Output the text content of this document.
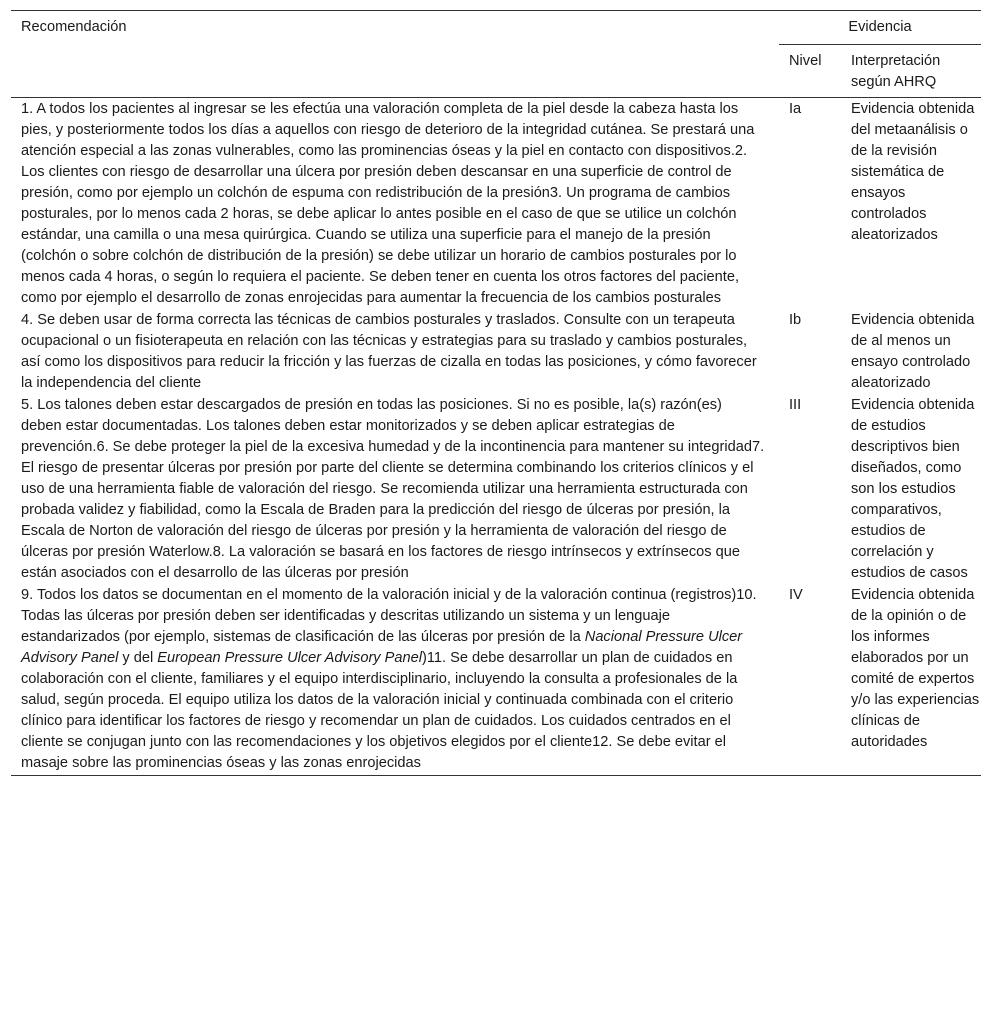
Recomendación	Evidencia	
	Nivel	Interpretación según AHRQ
1. A todos los pacientes al ingresar se les efectúa una valoración completa de la piel desde la cabeza hasta los pies, y posteriormente todos los días a aquellos con riesgo de deterioro de la integridad cutánea. Se prestará una atención especial a las zonas vulnerables, como las prominencias óseas y la piel en contacto con dispositivos.2. Los clientes con riesgo de desarrollar una úlcera por presión deben descansar en una superficie de control de presión, como por ejemplo un colchón de espuma con redistribución de la presión3. Un programa de cambios posturales, por lo menos cada 2 horas, se debe aplicar lo antes posible en el caso de que se utilice un colchón estándar, una camilla o una mesa quirúrgica. Cuando se utiliza una superficie para el manejo de la presión (colchón o sobre colchón de distribución de la presión) se debe utilizar un horario de cambios posturales por lo menos cada 4 horas, o según lo requiera el paciente. Se deben tener en cuenta los otros factores del paciente, como por ejemplo el desarrollo de zonas enrojecidas para aumentar la frecuencia de los cambios posturales	Ia	Evidencia obtenida del metaanálisis o de la revisión sistemática de ensayos controlados aleatorizados
4. Se deben usar de forma correcta las técnicas de cambios posturales y traslados. Consulte con un terapeuta ocupacional o un fisioterapeuta en relación con las técnicas y estrategias para su traslado y cambios posturales, así como los dispositivos para reducir la fricción y las fuerzas de cizalla en todas las posiciones, y cómo favorecer la independencia del cliente	Ib	Evidencia obtenida de al menos un ensayo controlado aleatorizado
5. Los talones deben estar descargados de presión en todas las posiciones. Si no es posible, la(s) razón(es) deben estar documentadas. Los talones deben estar monitorizados y se deben aplicar estrategias de prevención.6. Se debe proteger la piel de la excesiva humedad y de la incontinencia para mantener su integridad7. El riesgo de presentar úlceras por presión por parte del cliente se determina combinando los criterios clínicos y el uso de una herramienta fiable de valoración del riesgo. Se recomienda utilizar una herramienta estructurada con probada validez y fiabilidad, como la Escala de Braden para la predicción del riesgo de úlceras por presión, la Escala de Norton de valoración del riesgo de úlceras por presión y la herramienta de valoración del riesgo de úlceras por presión Waterlow.8. La valoración se basará en los factores de riesgo intrínsecos y extrínsecos que están asociados con el desarrollo de las úlceras por presión	III	Evidencia obtenida de estudios descriptivos bien diseñados, como son los estudios comparativos, estudios de correlación y estudios de casos
9. Todos los datos se documentan en el momento de la valoración inicial y de la valoración continua (registros)10. Todas las úlceras por presión deben ser identificadas y descritas utilizando un sistema y un lenguaje estandarizados (por ejemplo, sistemas de clasificación de las úlceras por presión de la Nacional Pressure Ulcer Advisory Panel y del European Pressure Ulcer Advisory Panel)11. Se debe desarrollar un plan de cuidados en colaboración con el cliente, familiares y el equipo interdisciplinario, incluyendo la consulta a profesionales de la salud, según proceda. El equipo utiliza los datos de la valoración inicial y continuada combinada con el criterio clínico para identificar los factores de riesgo y recomendar un plan de cuidados. Los cuidados centrados en el cliente se conjugan junto con las recomendaciones y los objetivos elegidos por el cliente12. Se debe evitar el masaje sobre las prominencias óseas y las zonas enrojecidas	IV	Evidencia obtenida de la opinión o de los informes elaborados por un comité de expertos y/o las experiencias clínicas de autoridades
